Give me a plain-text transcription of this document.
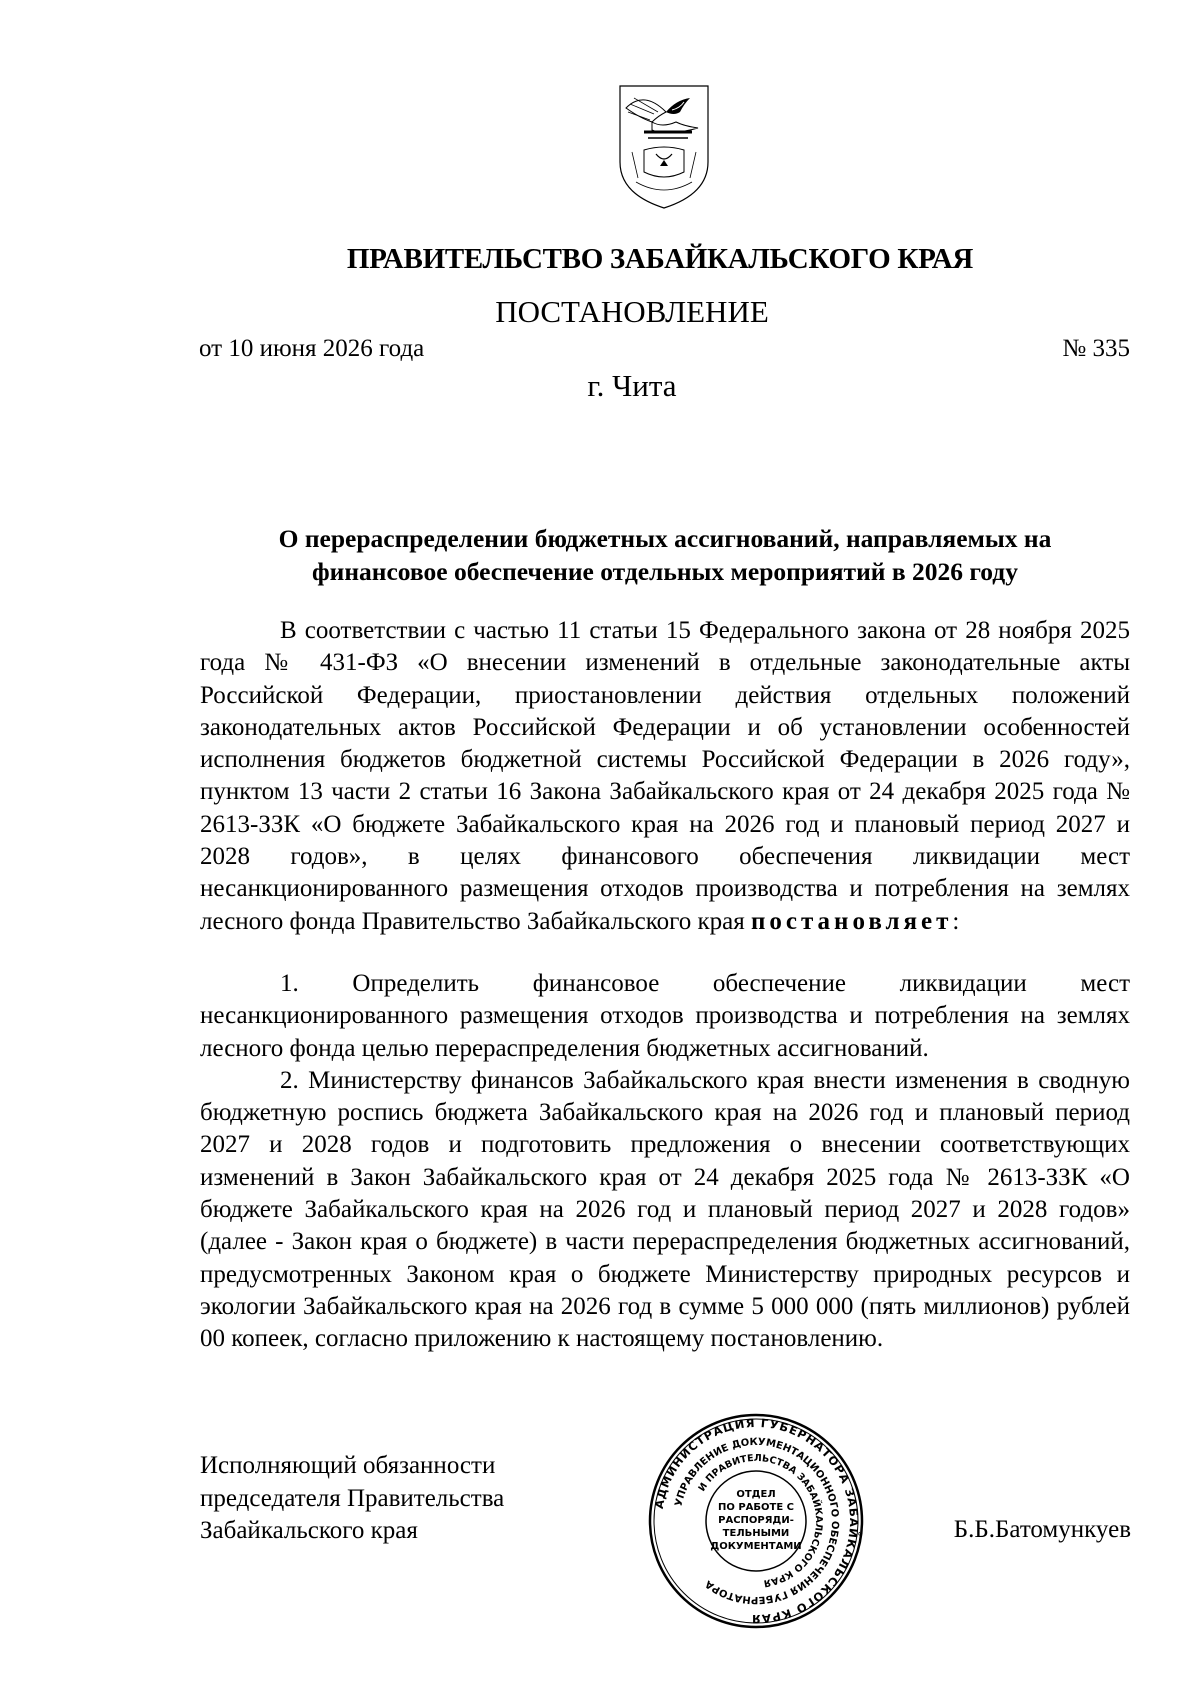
ПРАВИТЕЛЬСТВО ЗАБАЙКАЛЬСКОГО КРАЯ
ПОСТАНОВЛЕНИЕ
от 10 июня 2026 года	№ 335
г. Чита
О перераспределении бюджетных ассигнований, направляемых на
финансовое обеспечение отдельных мероприятий в 2026 году

В соответствии с частью 11 статьи 15 Федерального закона от 28 ноября 2025 года № 431-ФЗ «О внесении изменений в отдельные законодательные акты Российской Федерации, приостановлении действия отдельных положений законодательных актов Российской Федерации и об установлении особенностей исполнения бюджетов бюджетной системы Российской Федерации в 2026 году», пунктом 13 части 2 статьи 16 Закона Забайкальского края от 24 декабря 2025 года № 2613-ЗЗК «О бюджете Забайкальского края на 2026 год и плановый период 2027 и 2028 годов», в целях финансового обеспечения ликвидации мест несанкционированного размещения отходов производства и потребления на землях лесного фонда Правительство Забайкальского края постановляет:

1. Определить финансовое обеспечение ликвидации мест несанкционированного размещения отходов производства и потребления на землях лесного фонда целью перераспределения бюджетных ассигнований.

2. Министерству финансов Забайкальского края внести изменения в сводную бюджетную роспись бюджета Забайкальского края на 2026 год и плановый период 2027 и 2028 годов и подготовить предложения о внесении соответствующих изменений в Закон Забайкальского края от 24 декабря 2025 года № 2613-ЗЗК «О бюджете Забайкальского края на 2026 год и плановый период 2027 и 2028 годов» (далее - Закон края о бюджете) в части перераспределения бюджетных ассигнований, предусмотренных Законом края о бюджете Министерству природных ресурсов и экологии Забайкальского края на 2026 год в сумме 5 000 000 (пять миллионов) рублей 00 копеек, согласно приложению к настоящему постановлению.

Исполняющий обязанности
председателя Правительства
Забайкальского края	Б.Б.Батомункуев
АДМИНИСТРАЦИЯ ГУБЕРНАТОРА ЗАБАЙКАЛЬСКОГО КРАЯ
УПРАВЛЕНИЕ ДОКУМЕНТАЦИОННОГО ОБЕСПЕЧЕНИЯ ГУБЕРНАТОРА
И ПРАВИТЕЛЬСТВА ЗАБАЙКАЛЬСКОГО КРАЯ
ОТДЕЛ
ПО РАБОТЕ С
РАСПОРЯДИ-
ТЕЛЬНЫМИ
ДОКУМЕНТАМИ
